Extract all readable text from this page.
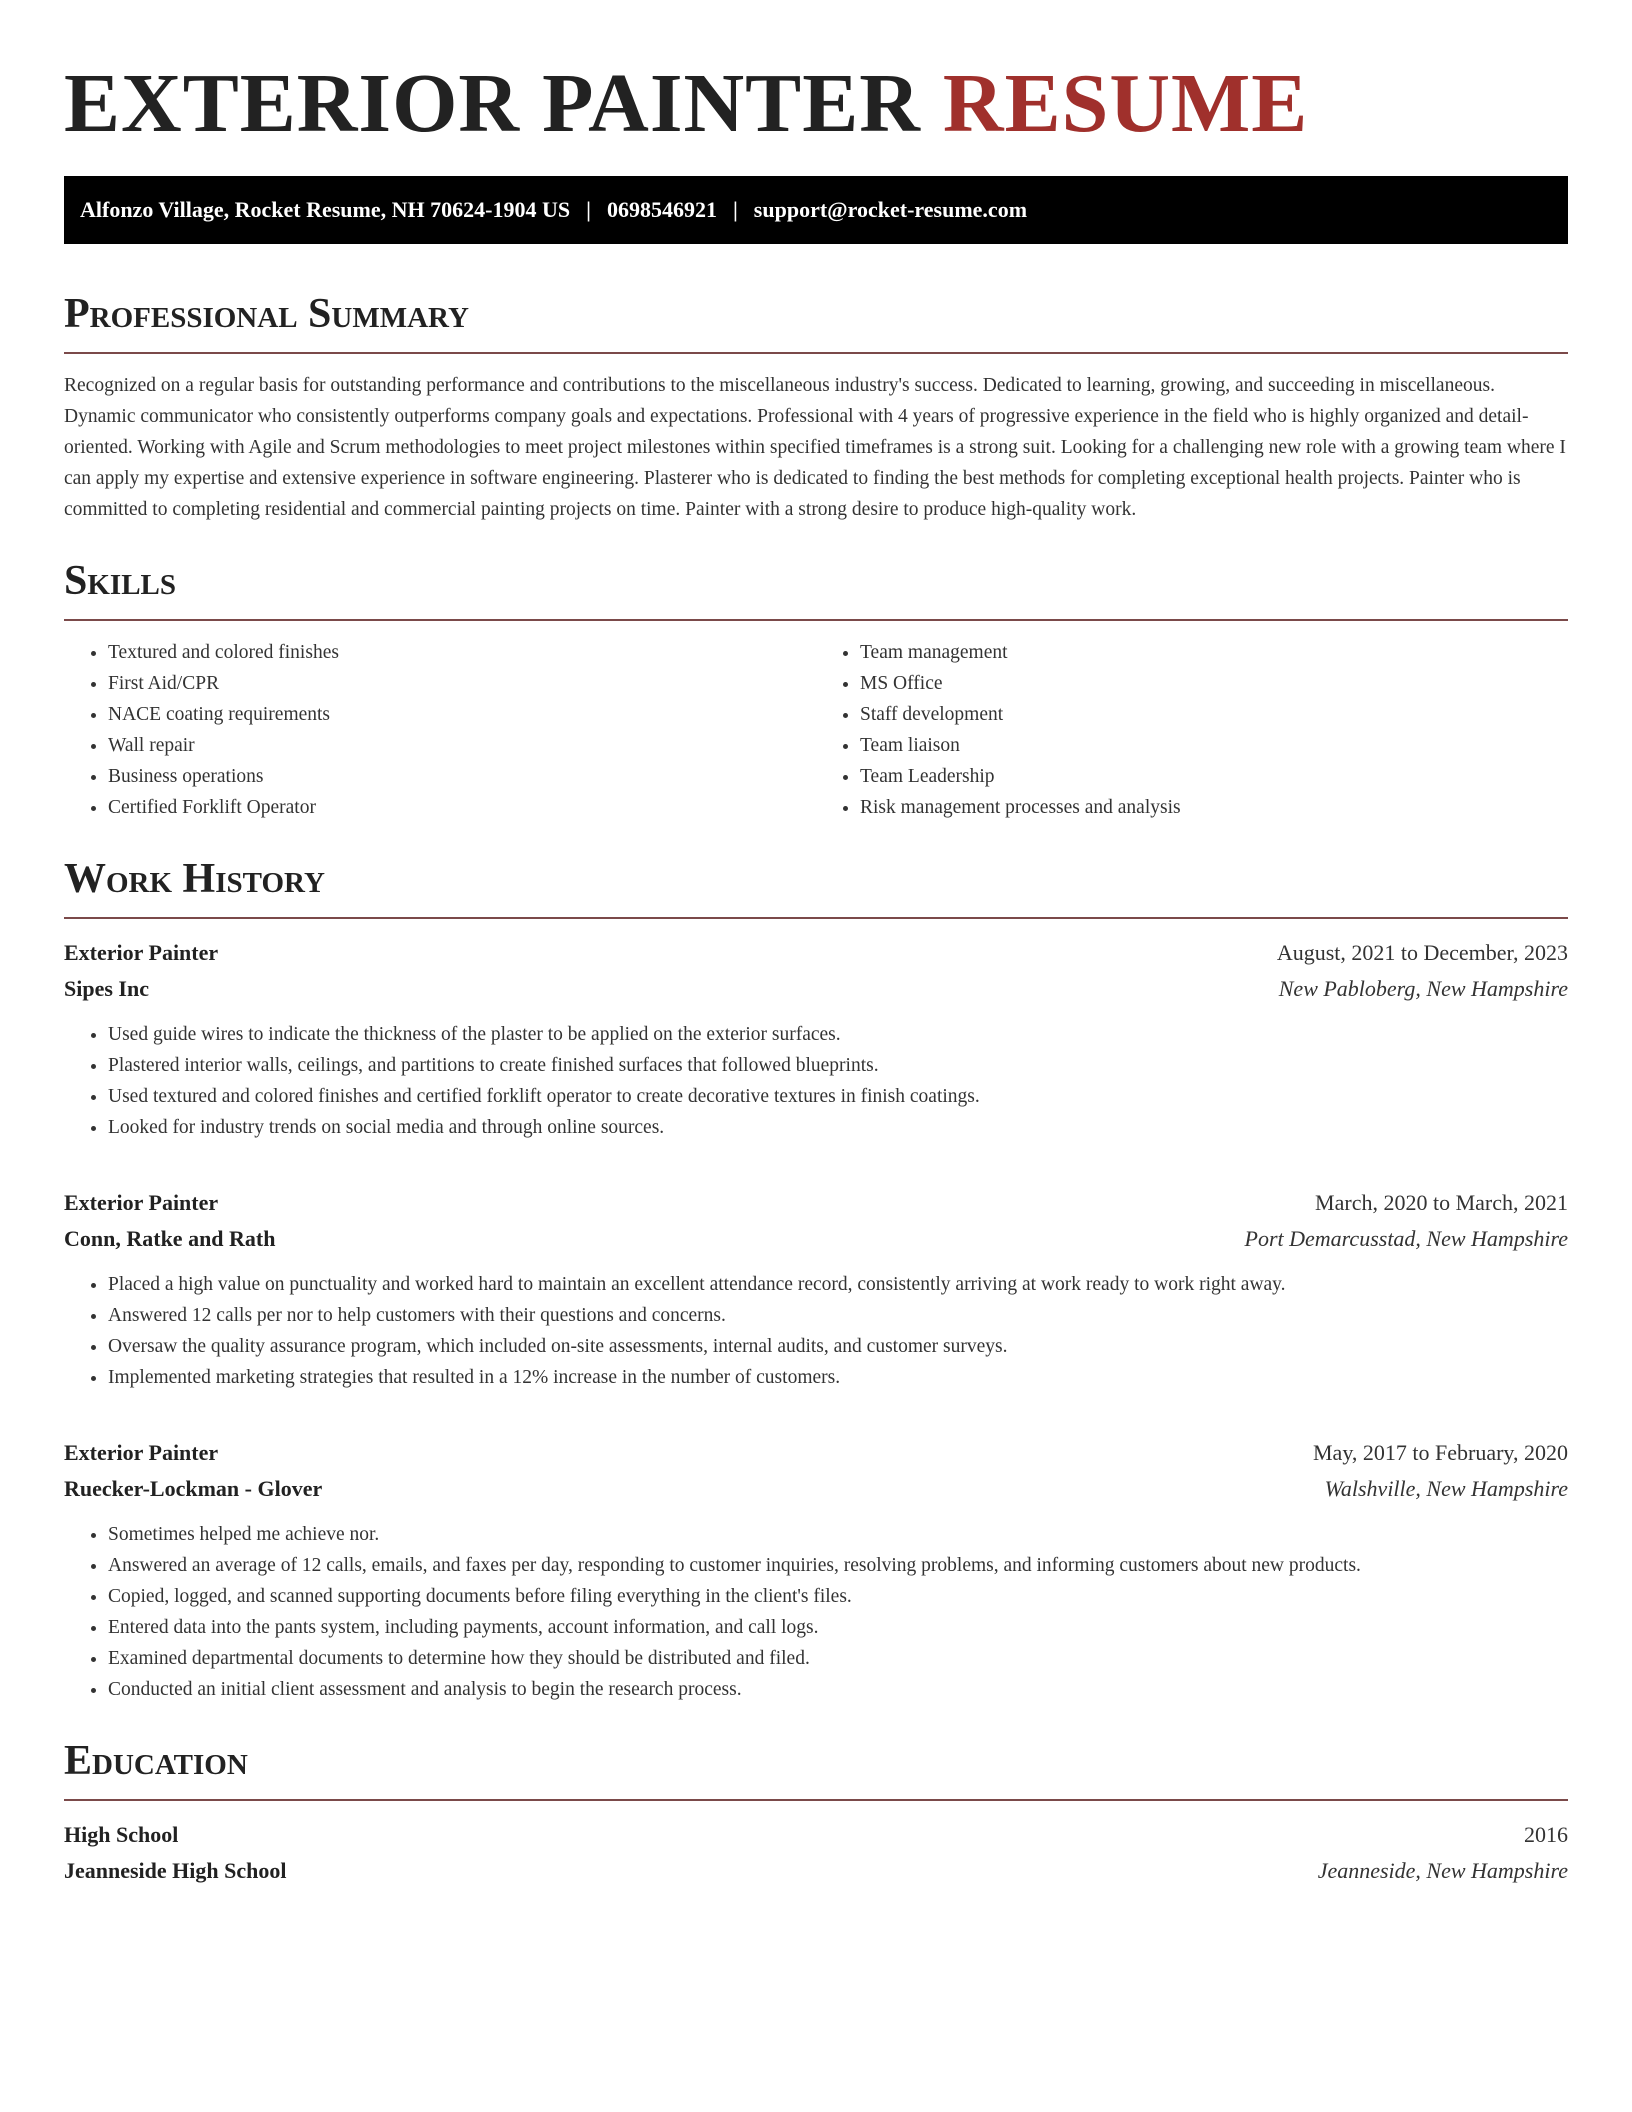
EXTERIOR PAINTER RESUME
Alfonzo Village, Rocket Resume, NH 70624-1904 US | 0698546921 | support@rocket-resume.com
Professional Summary

Recognized on a regular basis for outstanding performance and contributions to the miscellaneous industry's success. Dedicated to learning, growing, and succeeding in miscellaneous. Dynamic communicator who consistently outperforms company goals and expectations. Professional with 4 years of progressive experience in the field who is highly organized and detail-oriented. Working with Agile and Scrum methodologies to meet project milestones within specified timeframes is a strong suit. Looking for a challenging new role with a growing team where I can apply my expertise and extensive experience in software engineering. Plasterer who is dedicated to finding the best methods for completing exceptional health projects. Painter who is committed to completing residential and commercial painting projects on time. Painter with a strong desire to produce high-quality work.

Skills
• Textured and colored finishes
• First Aid/CPR
• NACE coating requirements
• Wall repair
• Business operations
• Certified Forklift Operator
• Team management
• MS Office
• Staff development
• Team liaison
• Team Leadership
• Risk management processes and analysis
Work History
Exterior Painter	August, 2021 to December, 2023
Sipes Inc	New Pabloberg, New Hampshire
• Used guide wires to indicate the thickness of the plaster to be applied on the exterior surfaces.
• Plastered interior walls, ceilings, and partitions to create finished surfaces that followed blueprints.
• Used textured and colored finishes and certified forklift operator to create decorative textures in finish coatings.
• Looked for industry trends on social media and through online sources.
Exterior Painter	March, 2020 to March, 2021
Conn, Ratke and Rath	Port Demarcusstad, New Hampshire
• Placed a high value on punctuality and worked hard to maintain an excellent attendance record, consistently arriving at work ready to work right away.
• Answered 12 calls per nor to help customers with their questions and concerns.
• Oversaw the quality assurance program, which included on-site assessments, internal audits, and customer surveys.
• Implemented marketing strategies that resulted in a 12% increase in the number of customers.
Exterior Painter	May, 2017 to February, 2020
Ruecker-Lockman - Glover	Walshville, New Hampshire
• Sometimes helped me achieve nor.
• Answered an average of 12 calls, emails, and faxes per day, responding to customer inquiries, resolving problems, and informing customers about new products.
• Copied, logged, and scanned supporting documents before filing everything in the client's files.
• Entered data into the pants system, including payments, account information, and call logs.
• Examined departmental documents to determine how they should be distributed and filed.
• Conducted an initial client assessment and analysis to begin the research process.
Education
High School	2016
Jeanneside High School	Jeanneside, New Hampshire
